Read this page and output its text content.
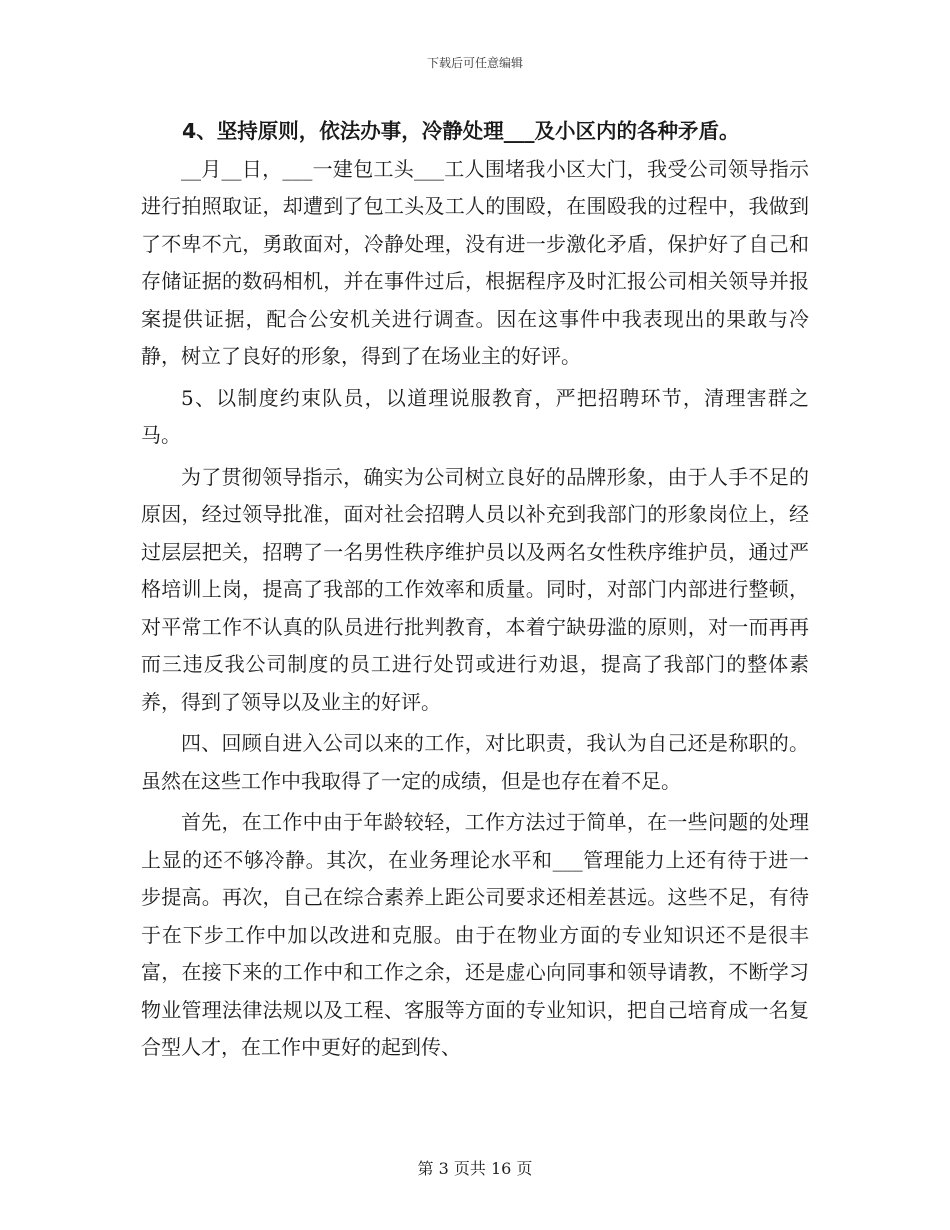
下载后可任意编辑

4、坚持原则，依法办事，冷静处理___及小区内的各种矛盾。

__月__日，___一建包工头___工人围堵我小区大门，我受公司领导指示进行拍照取证，却遭到了包工头及工人的围殴，在围殴我的过程中，我做到了不卑不亢，勇敢面对，冷静处理，没有进一步激化矛盾，保护好了自己和存储证据的数码相机，并在事件过后，根据程序及时汇报公司相关领导并报案提供证据，配合公安机关进行调查。因在这事件中我表现出的果敢与冷静，树立了良好的形象，得到了在场业主的好评。

5、以制度约束队员，以道理说服教育，严把招聘环节，清理害群之马。

为了贯彻领导指示，确实为公司树立良好的品牌形象，由于人手不足的原因，经过领导批准，面对社会招聘人员以补充到我部门的形象岗位上，经过层层把关，招聘了一名男性秩序维护员以及两名女性秩序维护员，通过严格培训上岗，提高了我部的工作效率和质量。同时，对部门内部进行整顿，对平常工作不认真的队员进行批判教育，本着宁缺毋滥的原则，对一而再再而三违反我公司制度的员工进行处罚或进行劝退，提高了我部门的整体素养，得到了领导以及业主的好评。

四、回顾自进入公司以来的工作，对比职责，我认为自己还是称职的。虽然在这些工作中我取得了一定的成绩，但是也存在着不足。

首先，在工作中由于年龄较轻，工作方法过于简单，在一些问题的处理上显的还不够冷静。其次，在业务理论水平和___管理能力上还有待于进一步提高。再次，自己在综合素养上距公司要求还相差甚远。这些不足，有待于在下步工作中加以改进和克服。由于在物业方面的专业知识还不是很丰富，在接下来的工作中和工作之余，还是虚心向同事和领导请教，不断学习物业管理法律法规以及工程、客服等方面的专业知识，把自己培育成一名复合型人才，在工作中更好的起到传、

第 3 页共 16 页
